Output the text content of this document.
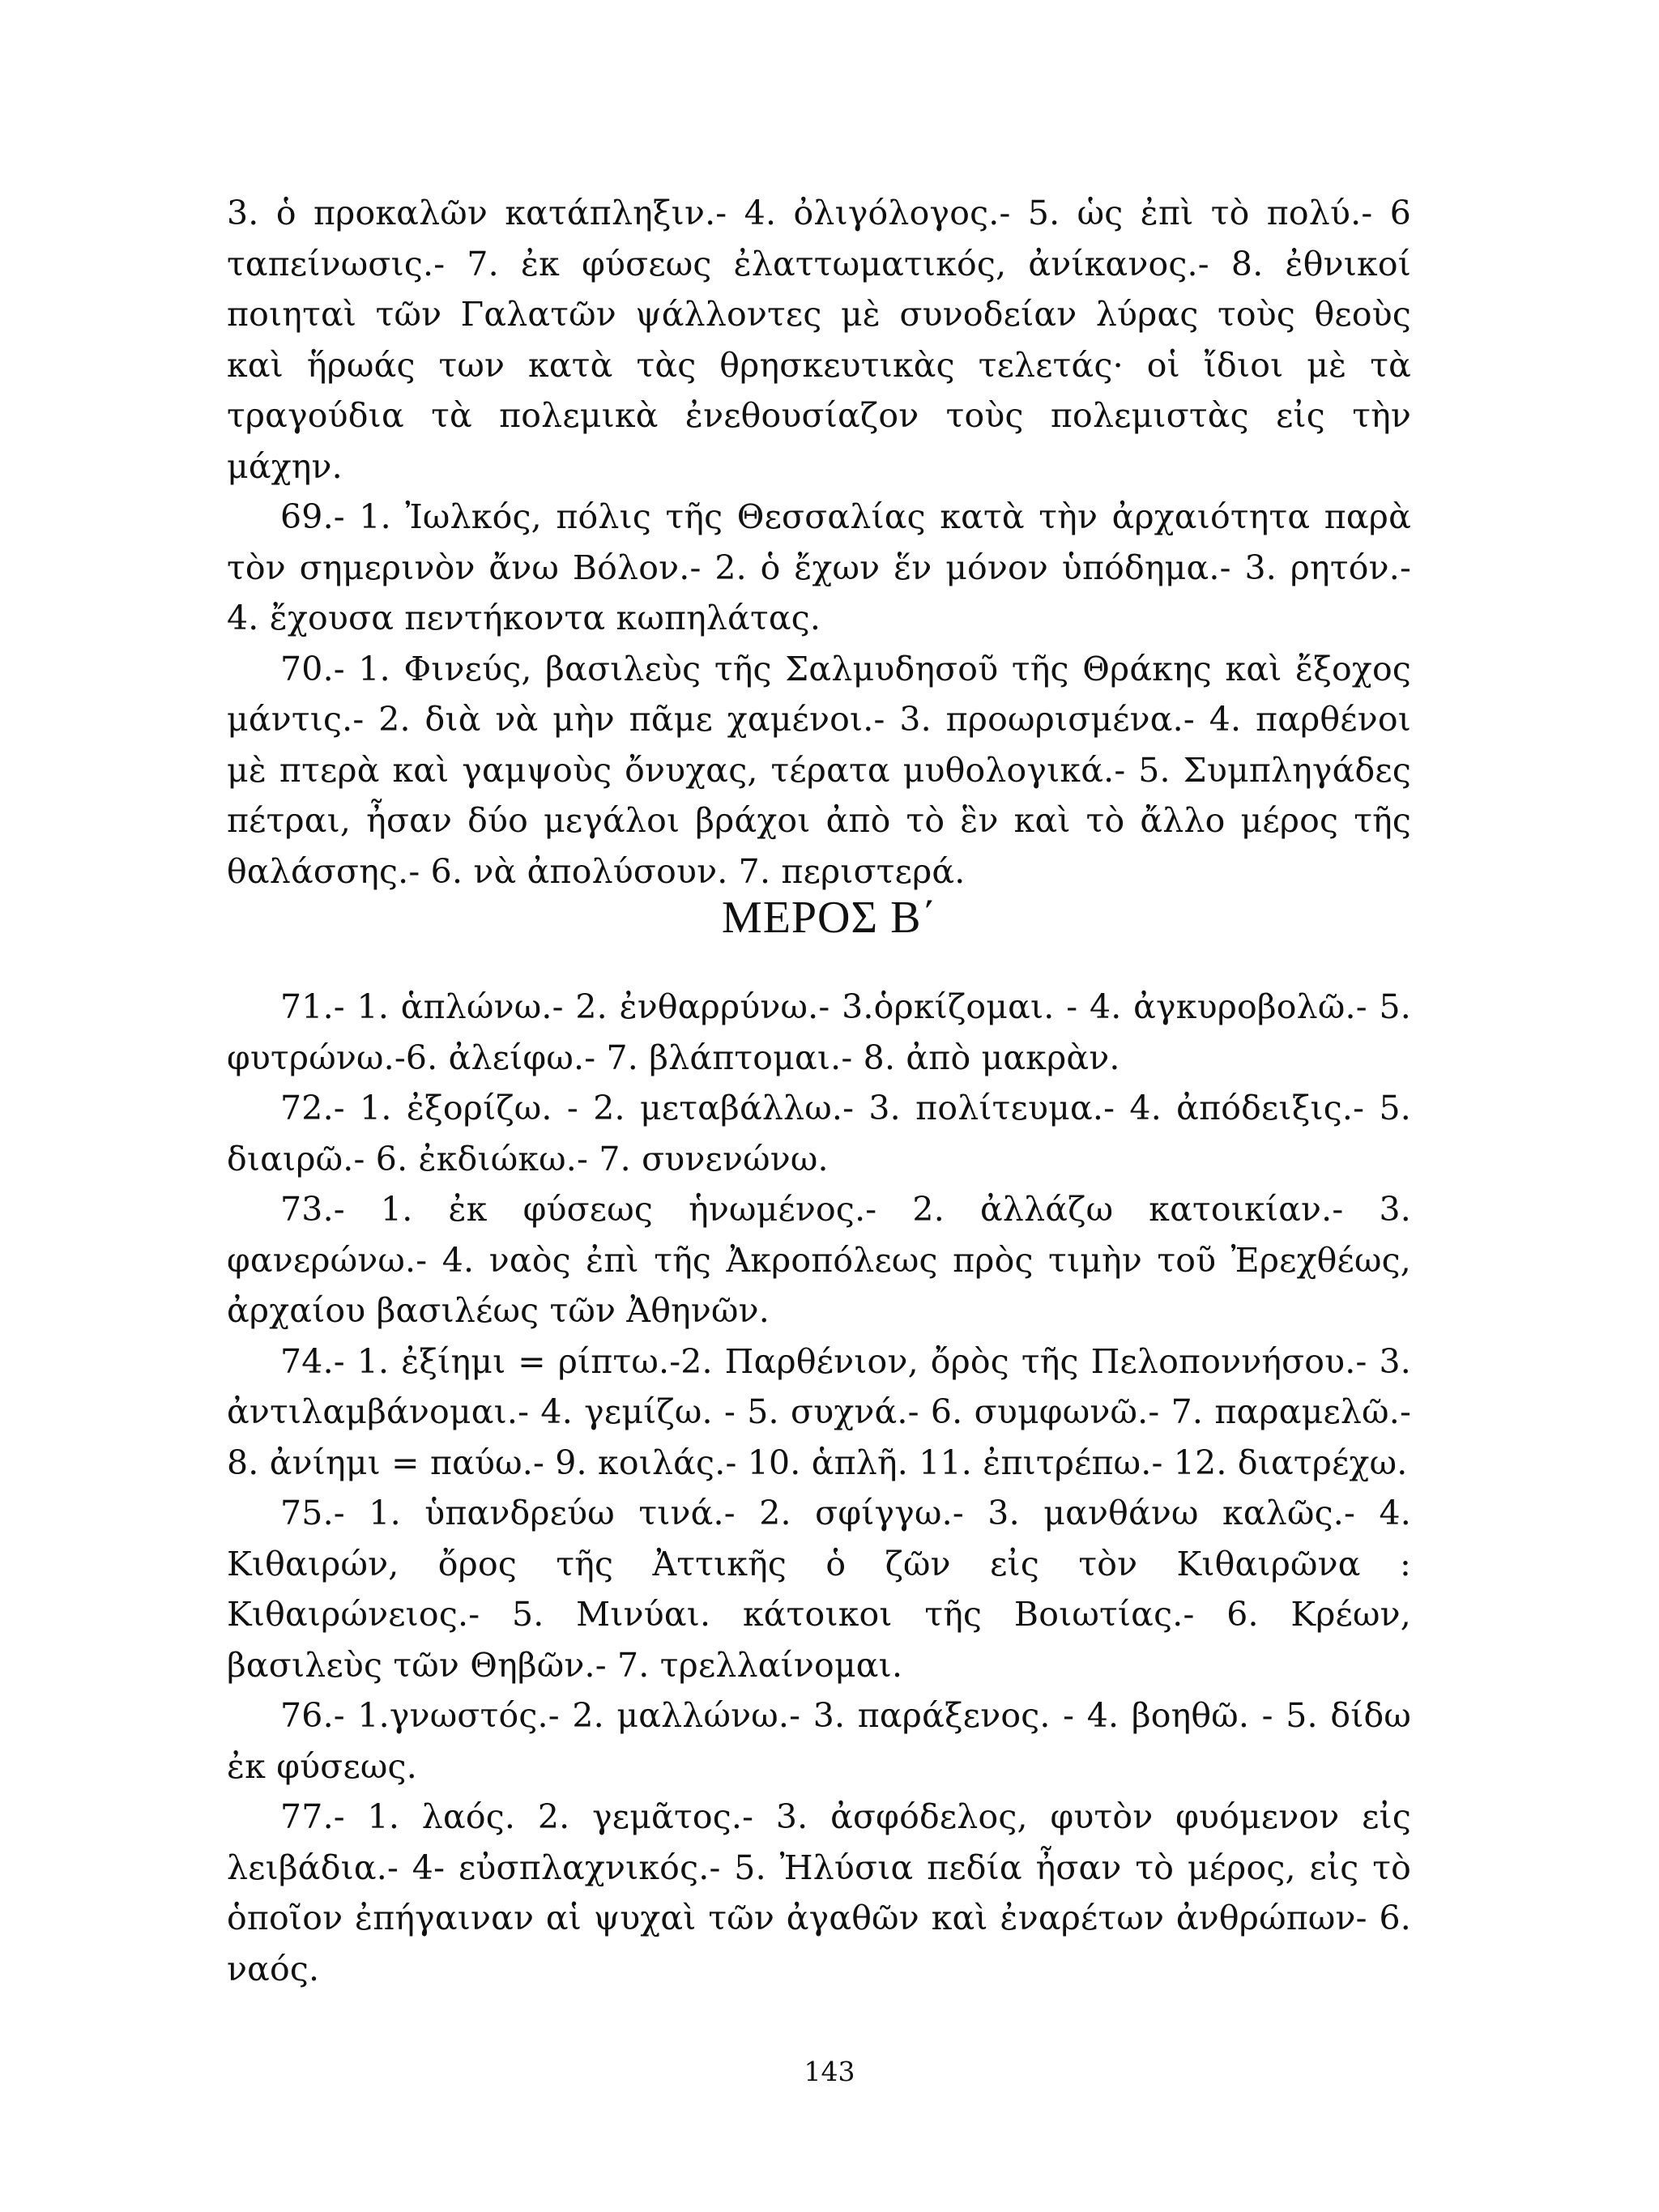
3. ὁ προκαλῶν κατάπληξιν.- 4. ὀλιγόλογος.- 5. ὡς ἐπὶ τὸ πολύ.- 6 ταπείνωσις.- 7. ἐκ φύσεως ἐλαττωματικός, ἀνίκανος.- 8. ἐθνικοί ποιηταὶ τῶν Γαλατῶν ψάλλοντες μὲ συνοδείαν λύρας τοὺς θεοὺς καὶ ἥρωάς των κατὰ τὰς θρησκευτικὰς τελετάς· οἱ ἴδιοι μὲ τὰ τραγούδια τὰ πολεμικὰ ἐνεθουσίαζον τοὺς πολεμιστὰς εἰς τὴν μάχην.

69.- 1. Ἰωλκός, πόλις τῆς Θεσσαλίας κατὰ τὴν ἀρχαιότητα παρὰ τὸν σημερινὸν ἄνω Βόλον.- 2. ὁ ἔχων ἕν μόνον ὑπόδημα.- 3. ρητόν.- 4. ἔχουσα πεντήκοντα κωπηλάτας.

70.- 1. Φινεύς, βασιλεὺς τῆς Σαλμυδησοῦ τῆς Θράκης καὶ ἔξοχος μάντις.- 2. διὰ νὰ μὴν πᾶμε χαμένοι.- 3. προωρισμένα.- 4. παρθένοι μὲ πτερὰ καὶ γαμψοὺς ὄνυχας, τέρατα μυθολογικά.- 5. Συμπληγάδες πέτραι, ἦσαν δύο μεγάλοι βράχοι ἀπὸ τὸ ἓν καὶ τὸ ἄλλο μέρος τῆς θαλάσσης.- 6. νὰ ἀπολύσουν. 7. περιστερά.

ΜΕΡΟΣ Β΄

71.- 1. ἁπλώνω.- 2. ἐνθαρρύνω.- 3.ὁρκίζομαι. - 4. ἀγκυροβολῶ.- 5. φυτρώνω.-6. ἀλείφω.- 7. βλάπτομαι.- 8. ἀπὸ μακρὰν.

72.- 1. ἐξορίζω. - 2. μεταβάλλω.- 3. πολίτευμα.- 4. ἀπόδειξις.- 5. διαιρῶ.- 6. ἐκδιώκω.- 7. συνενώνω.

73.- 1. ἐκ φύσεως ἡνωμένος.- 2. ἀλλάζω κατοικίαν.- 3. φανερώνω.- 4. ναὸς ἐπὶ τῆς Ἀκροπόλεως πρὸς τιμὴν τοῦ Ἐρεχθέως, ἀρχαίου βασιλέως τῶν Ἀθηνῶν.

74.- 1. ἐξίημι = ρίπτω.-2. Παρθένιον, ὄρὸς τῆς Πελοποννήσου.- 3. ἀντιλαμβάνομαι.- 4. γεμίζω. - 5. συχνά.- 6. συμφωνῶ.- 7. παραμελῶ.- 8. ἀνίημι = παύω.- 9. κοιλάς.- 10. ἁπλῆ. 11. ἐπιτρέπω.- 12. διατρέχω.

75.- 1. ὑπανδρεύω τινά.- 2. σφίγγω.- 3. μανθάνω καλῶς.- 4. Κιθαιρών, ὄρος τῆς Ἀττικῆς ὁ ζῶν εἰς τὸν Κιθαιρῶνα : Κιθαιρώνειος.- 5. Μινύαι. κάτοικοι τῆς Βοιωτίας.- 6. Κρέων, βασιλεὺς τῶν Θηβῶν.- 7. τρελλαίνομαι.

76.- 1.γνωστός.- 2. μαλλώνω.- 3. παράξενος. - 4. βοηθῶ. - 5. δίδω ἐκ φύσεως.

77.- 1. λαός. 2. γεμᾶτος.- 3. ἀσφόδελος, φυτὸν φυόμενον εἰς λειβάδια.- 4- εὐσπλαχνικός.- 5. Ἠλύσια πεδία ἦσαν τὸ μέρος, εἰς τὸ ὁποῖον ἐπήγαιναν αἱ ψυχαὶ τῶν ἀγαθῶν καὶ ἐναρέτων ἀνθρώπων- 6. ναός.

143
